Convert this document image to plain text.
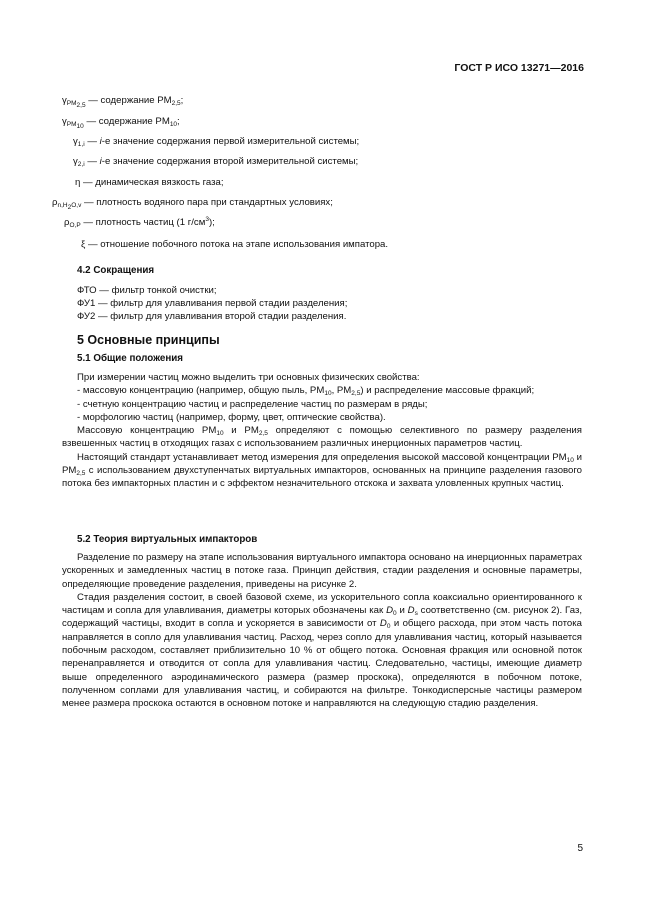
ГОСТ Р ИСО 13271—2016
$\gamma_{PM_{2,5}}$ — содержание $PM_{2,5}$;
$\gamma_{PM_{10}}$ — содержание $PM_{10}$;
$\gamma_{1,i}$ — i-е значение содержания первой измерительной системы;
$\gamma_{2,i}$ — i-е значение содержания второй измерительной системы;
η — динамическая вязкость газа;
$\rho_{n,H_2O,v}$ — плотность водяного пара при стандартных условиях;
$\rho_{O,P}$ — плотность частиц (1 $г/см^3$);
ξ — отношение побочного потока на этапе использования импатора.
4.2 Сокращения
ФТО — фильтр тонкой очистки;
ФУ1 — фильтр для улавливания первой стадии разделения;
ФУ2 — фильтр для улавливания второй стадии разделения.
5 Основные принципы
5.1 Общие положения

При измерении частиц можно выделить три основных физических свойства:

- массовую концентрацию (например, общую пыль, $PM_{10}$, $PM_{2,5}$) и распределение массовые фракций;

- счетную концентрацию частиц и распределение частиц по размерам в ряды;

- морфологию частиц (например, форму, цвет, оптические свойства).

Массовую концентрацию $PM_{10}$ и $PM_{2,5}$ определяют с помощью селективного по размеру разделения взвешенных частиц в отходящих газах с использованием различных инерционных параметров частиц.

Настоящий стандарт устанавливает метод измерения для определения высокой массовой концентрации $PM_{10}$ и $PM_{2,5}$ с использованием двухступенчатых виртуальных импакторов, основанных на принципе разделения газового потока без импакторных пластин и с эффектом незначительного отскока и захвата уловленных крупных частиц.

5.2 Теория виртуальных импакторов

Разделение по размеру на этапе использования виртуального импактора основано на инерционных параметрах ускоренных и замедленных частиц в потоке газа. Принцип действия, стадии разделения и основные параметры, определяющие проведение разделения, приведены на рисунке 2.

Стадия разделения состоит, в своей базовой схеме, из ускорительного сопла коаксиально ориентированного к частицам и сопла для улавливания, диаметры которых обозначены как $D_0$ и $D_s$ соответственно (см. рисунок 2). Газ, содержащий частицы, входит в сопла и ускоряется в зависимости от $D_0$ и общего расхода, при этом часть потока направляется в сопло для улавливания частиц. Расход, через сопло для улавливания частиц, который называется побочным расходом, составляет приблизительно 10 % от общего потока. Основная фракция или основной поток перенаправляется и отводится от сопла для улавливания частиц. Следовательно, частицы, имеющие диаметр выше определенного аэродинамического размера (размер проскока), определяются в побочном потоке, полученном соплами для улавливания частиц, и собираются на фильтре. Тонкодисперсные частицы размером менее размера проскока остаются в основном потоке и направляются на следующую стадию разделения.

5
